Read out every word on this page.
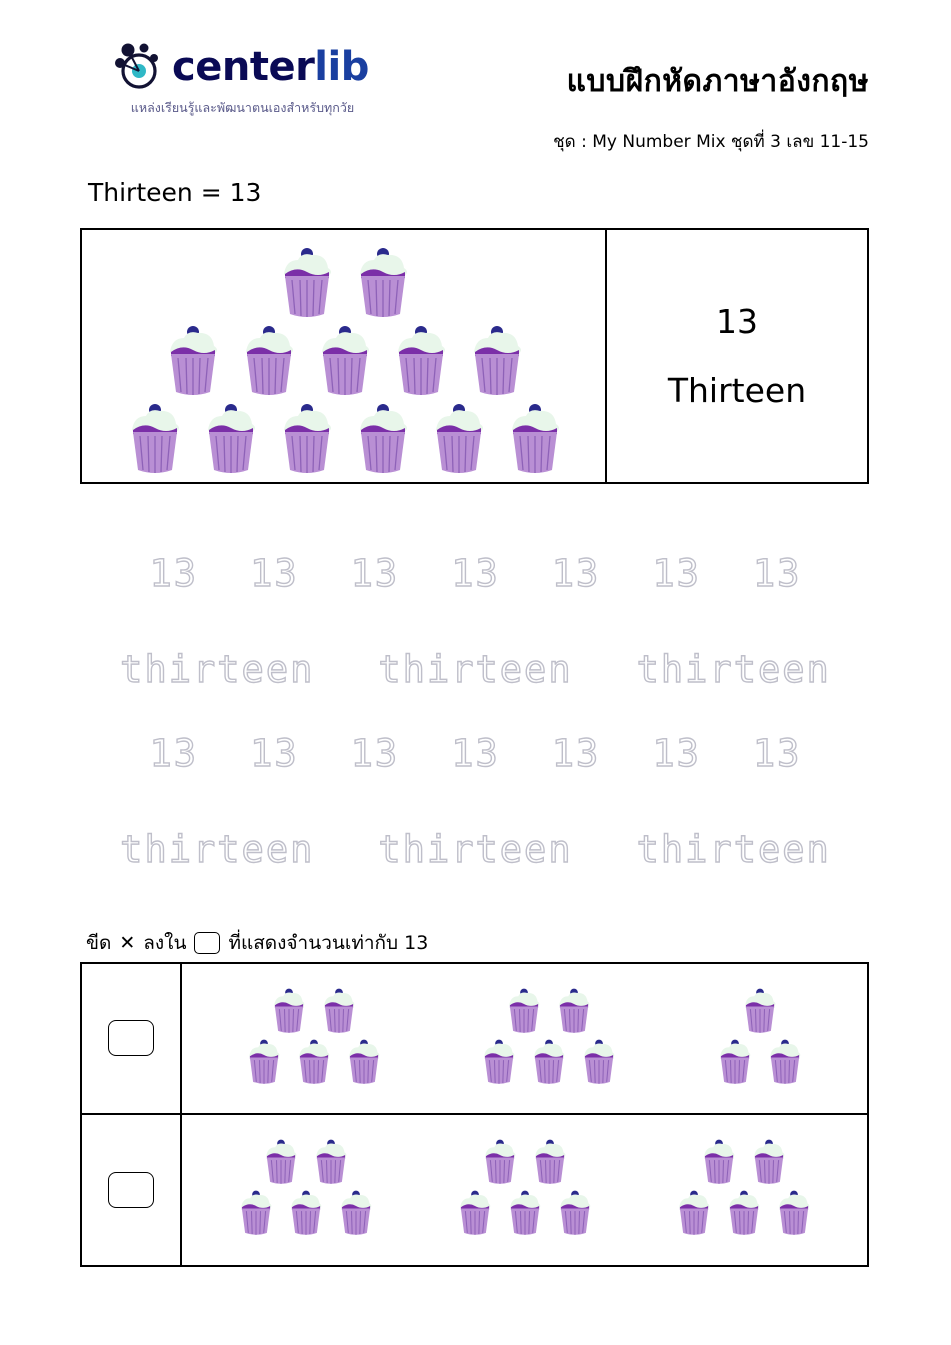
centerlib
แหล่งเรียนรู้และพัฒนาตนเองสำหรับทุกวัย
แบบฝึกหัดภาษาอังกฤษ
ชุด : My Number Mix ชุดที่ 3 เลข 11-15
Thirteen = 13
13
Thirteen
13 13 13 13 13 13 13
thirteen thirteen thirteen
13 13 13 13 13 13 13
thirteen thirteen thirteen
ขีด ✕ ลงใน ที่แสดงจำนวนเท่ากับ 13
